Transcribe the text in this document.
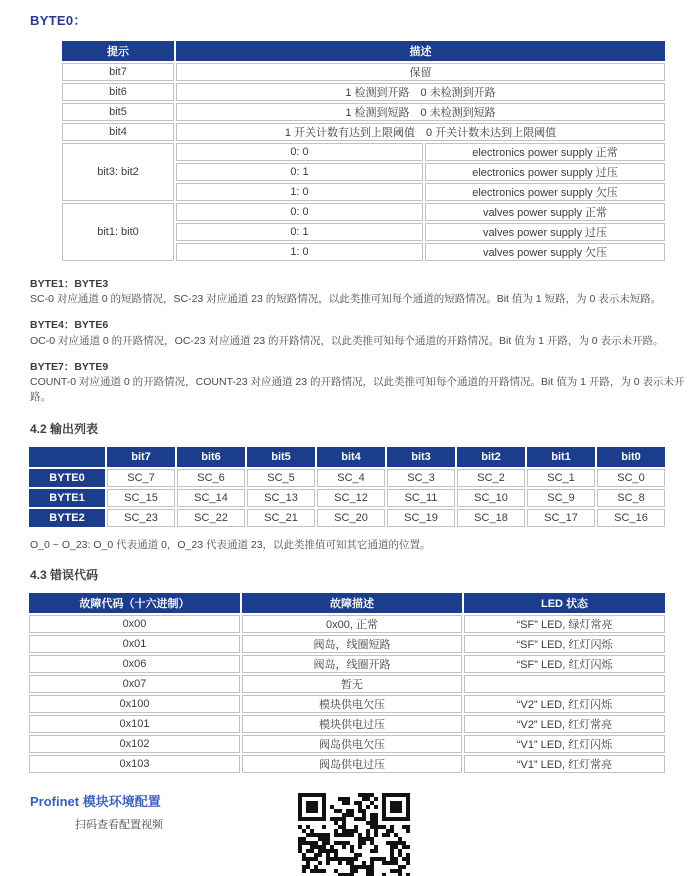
BYTE0：
提示	描述	
bit7	保留	
bit6	1 检测到开路　0 未检测到开路	
bit5	1 检测到短路　0 未检测到短路	
bit4	1 开关计数有达到上限阈值　0 开关计数未达到上限阈值	
bit3: bit2	0: 0	electronics power supply 正常
	0: 1	electronics power supply 过压
	1: 0	electronics power supply 欠压
bit1: bit0	0: 0	valves power supply 正常
	0: 1	valves power supply 过压
	1: 0	valves power supply 欠压
BYTE1：BYTE3
SC-0 对应通道 0 的短路情况，SC-23 对应通道 23 的短路情况，以此类推可知每个通道的短路情况。Bit 值为 1 短路，为 0 表示未短路。
BYTE4：BYTE6
OC-0 对应通道 0 的开路情况，OC-23 对应通道 23 的开路情况，以此类推可知每个通道的开路情况。Bit 值为 1 开路，为 0 表示未开路。
BYTE7：BYTE9
COUNT-0 对应通道 0 的开路情况，COUNT-23 对应通道 23 的开路情况，以此类推可知每个通道的开路情况。Bit 值为 1 开路，为 0 表示未开路。
4.2 输出列表
	bit7	bit6	bit5	bit4	bit3	bit2	bit1	bit0
BYTE0	SC_7	SC_6	SC_5	SC_4	SC_3	SC_2	SC_1	SC_0
BYTE1	SC_15	SC_14	SC_13	SC_12	SC_11	SC_10	SC_9	SC_8
BYTE2	SC_23	SC_22	SC_21	SC_20	SC_19	SC_18	SC_17	SC_16
O_0 ~ O_23: O_0 代表通道 0，O_23 代表通道 23，以此类推值可知其它通道的位置。
4.3 错误代码
故障代码（十六进制）	故障描述	LED 状态
0x00	0x00, 正常	“SF” LED, 绿灯常亮
0x01	阀岛，线圈短路	“SF” LED, 红灯闪烁
0x06	阀岛，线圈开路	“SF” LED, 红灯闪烁
0x07	暂无	
0x100	模块供电欠压	“V2” LED, 红灯闪烁
0x101	模块供电过压	“V2” LED, 红灯常亮
0x102	阀岛供电欠压	“V1” LED, 红灯闪烁
0x103	阀岛供电过压	“V1” LED, 红灯常亮
Profinet 模块环境配置
扫码查看配置视频
